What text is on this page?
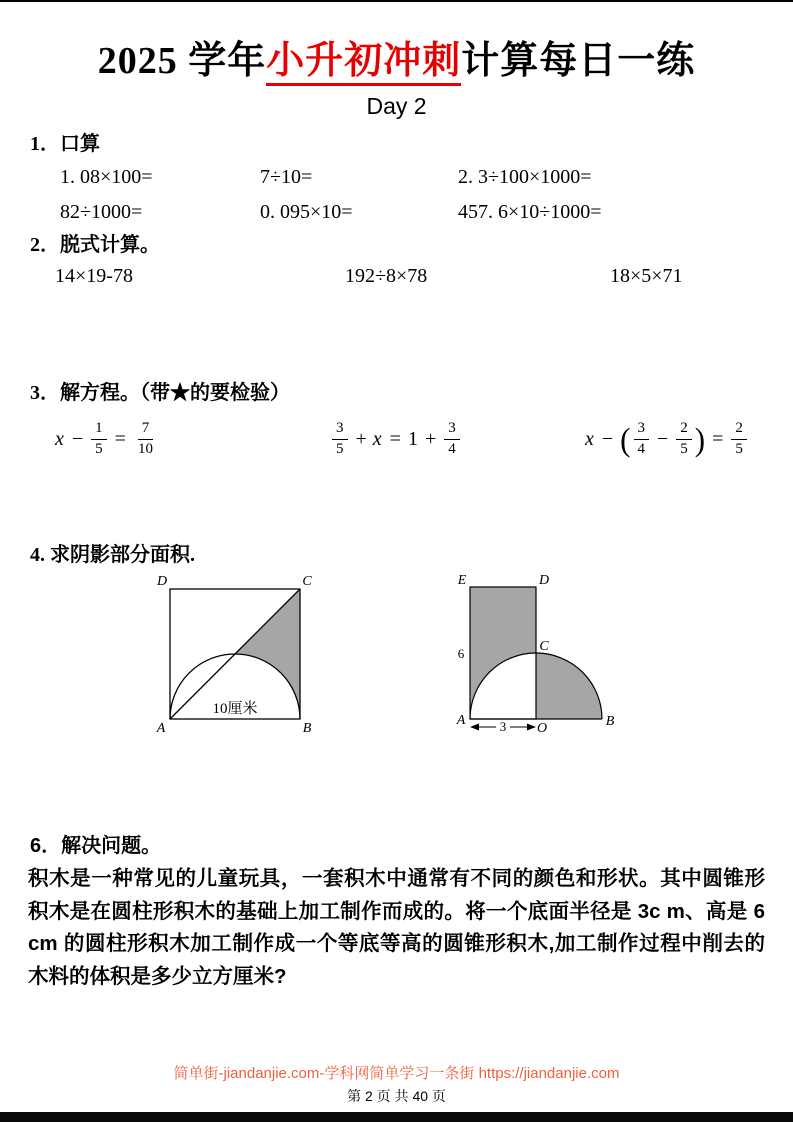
2025 学年小升初冲刺计算每日一练
Day 2
1．口算
1. 08×100=	7÷10=	2. 3÷100×1000=
82÷1000=	0. 095×10=	457. 6×10÷1000=
2．脱式计算。
14×19-78	192÷8×78	18×5×71
3．解方程。（带★的要检验）
$x - \frac{1}{5} = \frac{7}{10}$	$\frac{3}{5} + x = 1 + \frac{3}{4}$	x − ( $\frac{3}{4} - \frac{2}{5}$ ) = $\frac{2}{5}$
4. 求阴影部分面积.
D	C
A	B
10厘米
3
6
E	D
A
O	B
C
6．解决问题。
积木是一种常见的儿童玩具，一套积木中通常有不同的颜色和形状。其中圆锥形积木是在圆柱形积木的基础上加工制作而成的。将一个底面半径是 3c m、高是 6 cm 的圆柱形积木加工制作成一个等底等高的圆锥形积木,加工制作过程中削去的木料的体积是多少立方厘米?
简单街-jiandanjie.com-学科网简单学习一条街 https://jiandanjie.com
第 2 页 共 40 页
